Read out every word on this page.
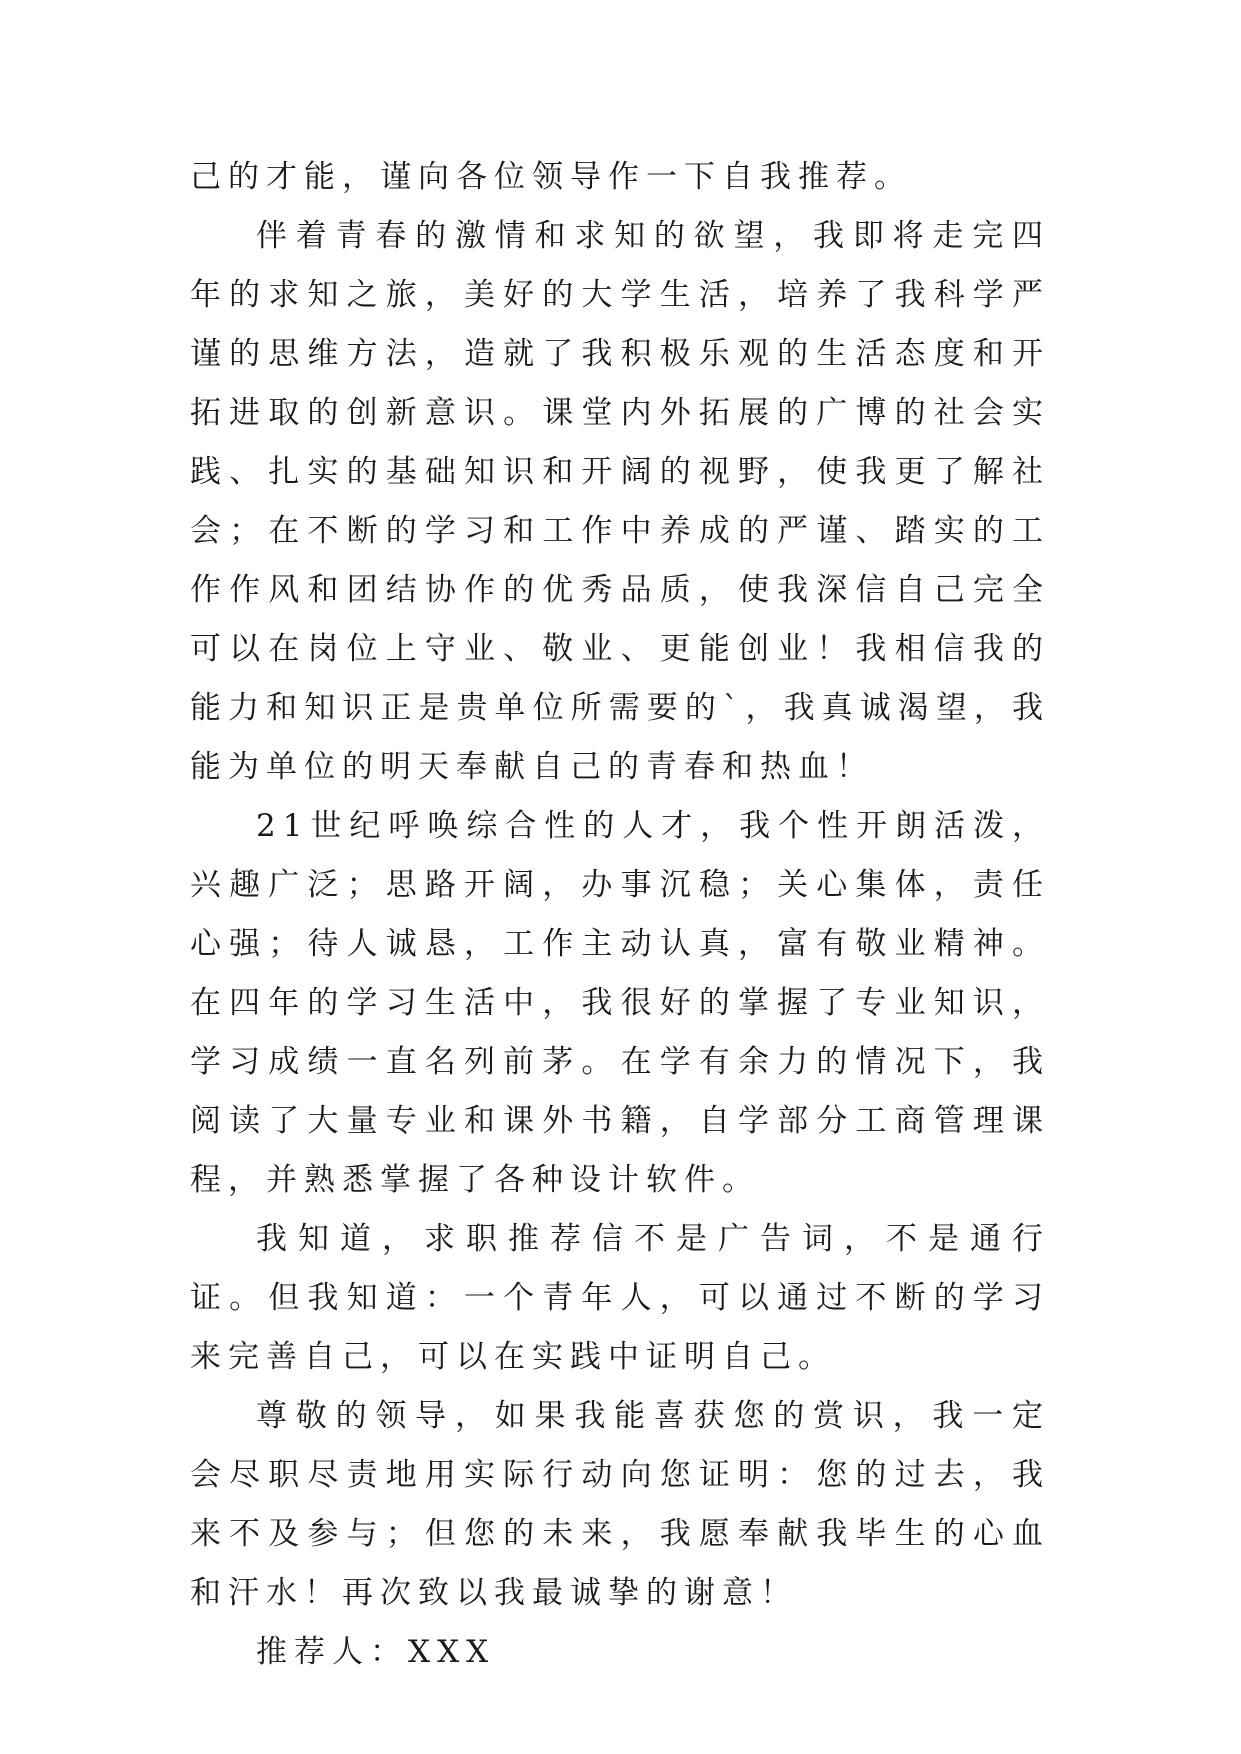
己的才能，谨向各位领导作一下自我推荐。

伴着青春的激情和求知的欲望，我即将走完四年的求知之旅，美好的大学生活，培养了我科学严谨的思维方法，造就了我积极乐观的生活态度和开拓进取的创新意识。课堂内外拓展的广博的社会实践、扎实的基础知识和开阔的视野，使我更了解社会；在不断的学习和工作中养成的严谨、踏实的工作作风和团结协作的优秀品质，使我深信自己完全可以在岗位上守业、敬业、更能创业！我相信我的能力和知识正是贵单位所需要的`，我真诚渴望，我能为单位的明天奉献自己的青春和热血！

21世纪呼唤综合性的人才，我个性开朗活泼，兴趣广泛；思路开阔，办事沉稳；关心集体，责任心强；待人诚恳，工作主动认真，富有敬业精神。在四年的学习生活中，我很好的掌握了专业知识，学习成绩一直名列前茅。在学有余力的情况下，我阅读了大量专业和课外书籍，自学部分工商管理课程，并熟悉掌握了各种设计软件。

我知道，求职推荐信不是广告词，不是通行证。但我知道：一个青年人，可以通过不断的学习来完善自己，可以在实践中证明自己。

尊敬的领导，如果我能喜获您的赏识，我一定会尽职尽责地用实际行动向您证明：您的过去，我来不及参与；但您的未来，我愿奉献我毕生的心血和汗水！再次致以我最诚挚的谢意！

推荐人：XXX
